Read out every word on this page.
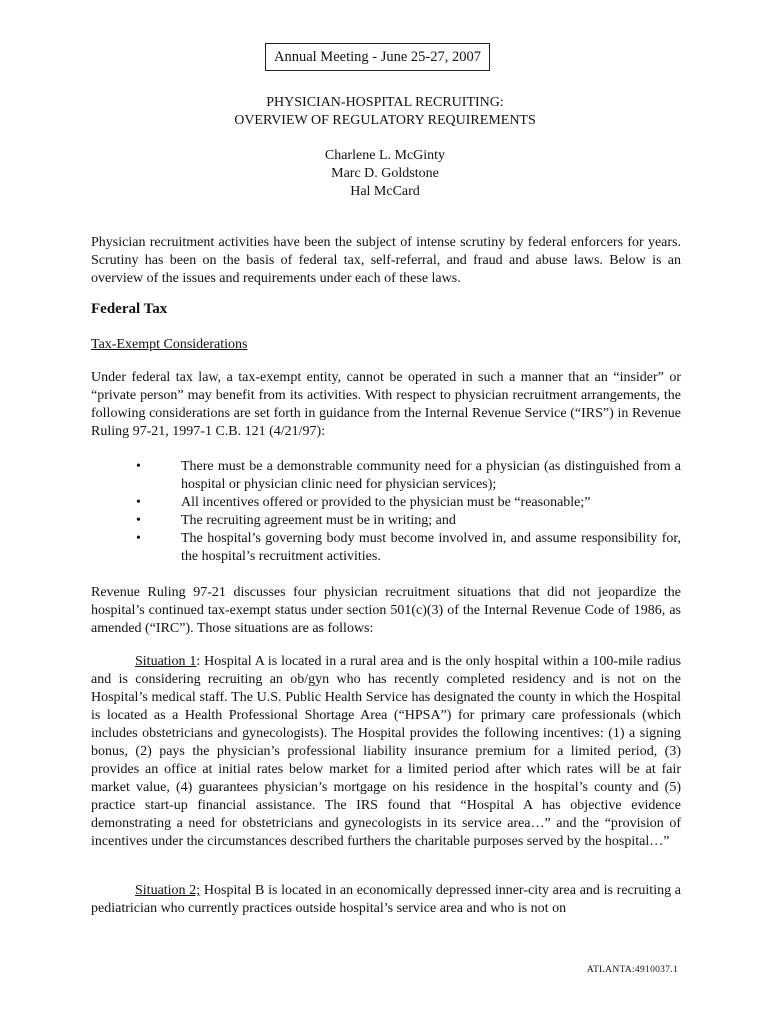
Annual Meeting - June 25-27, 2007
PHYSICIAN-HOSPITAL RECRUITING:
OVERVIEW OF REGULATORY REQUIREMENTS
Charlene L. McGinty
Marc D. Goldstone
Hal McCard
Physician recruitment activities have been the subject of intense scrutiny by federal enforcers for years. Scrutiny has been on the basis of federal tax, self-referral, and fraud and abuse laws. Below is an overview of the issues and requirements under each of these laws.
Federal Tax
Tax-Exempt Considerations
Under federal tax law, a tax-exempt entity, cannot be operated in such a manner that an “insider” or “private person” may benefit from its activities. With respect to physician recruitment arrangements, the following considerations are set forth in guidance from the Internal Revenue Service (“IRS”) in Revenue Ruling 97-21, 1997-1 C.B. 121 (4/21/97):
•	There must be a demonstrable community need for a physician (as distinguished from a hospital or physician clinic need for physician services);
•	All incentives offered or provided to the physician must be “reasonable;”
•	The recruiting agreement must be in writing; and
•	The hospital’s governing body must become involved in, and assume responsibility for, the hospital’s recruitment activities.
Revenue Ruling 97-21 discusses four physician recruitment situations that did not jeopardize the hospital’s continued tax-exempt status under section 501(c)(3) of the Internal Revenue Code of 1986, as amended (“IRC”). Those situations are as follows:
Situation 1: Hospital A is located in a rural area and is the only hospital within a 100-mile radius and is considering recruiting an ob/gyn who has recently completed residency and is not on the Hospital’s medical staff. The U.S. Public Health Service has designated the county in which the Hospital is located as a Health Professional Shortage Area (“HPSA”) for primary care professionals (which includes obstetricians and gynecologists). The Hospital provides the following incentives: (1) a signing bonus, (2) pays the physician’s professional liability insurance premium for a limited period, (3) provides an office at initial rates below market for a limited period after which rates will be at fair market value, (4) guarantees physician’s mortgage on his residence in the hospital’s county and (5) practice start-up financial assistance. The IRS found that “Hospital A has objective evidence demonstrating a need for obstetricians and gynecologists in its service area…” and the “provision of incentives under the circumstances described furthers the charitable purposes served by the hospital…”
Situation 2; Hospital B is located in an economically depressed inner-city area and is recruiting a pediatrician who currently practices outside hospital’s service area and who is not on
ATLANTA:4910037.1
